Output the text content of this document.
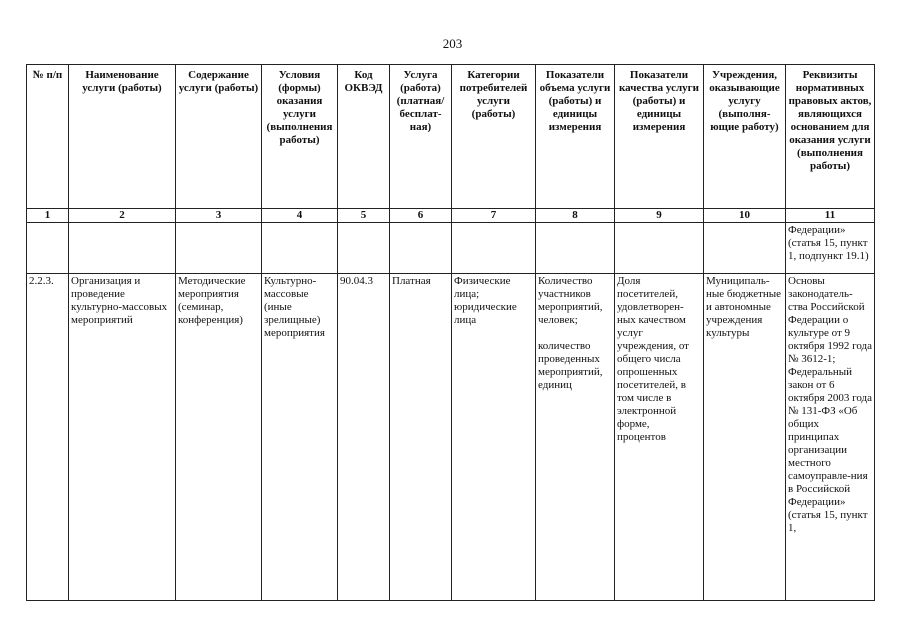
203
№ п/п	Наименование услуги (работы)	Содержание услуги (работы)	Условия (формы) оказания услуги (выполнения работы)	Код ОКВЭД	Услуга (работа) (платная/ бесплат- ная)	Категории потребителей услуги (работы)	Показатели объема услуги (работы) и единицы измерения	Показатели качества услуги (работы) и единицы измерения	Учреждения, оказывающие услугу (выполня- ющие работу)	Реквизиты нормативных правовых актов, являющихся основанием для оказания услуги (выполнения работы)
1	2	3	4	5	6	7	8	9	10	11
										Федерации» (статья 15, пункт 1, подпункт 19.1)
2.2.3.	Организация и проведение культурно-массовых мероприятий	Методические мероприятия (семинар, конференция)	Культурно-массовые (иные зрелищные) мероприятия	90.04.3	Платная	Физические лица; юридические лица	Количество участников мероприятий, человек;

количество проведенных мероприятий, единиц	Доля посетителей, удовлетворен-ных качеством услуг учреждения, от общего числа опрошенных посетителей, в том числе в электронной форме, процентов	Муниципаль-ные бюджетные и автономные учреждения культуры	Основы законодатель-ства Российской Федерации о культуре от 9 октября 1992 года № 3612-1; Федеральный закон от 6 октября 2003 года № 131-ФЗ «Об общих принципах организации местного самоуправле-ния в Российской Федерации» (статья 15, пункт 1,
